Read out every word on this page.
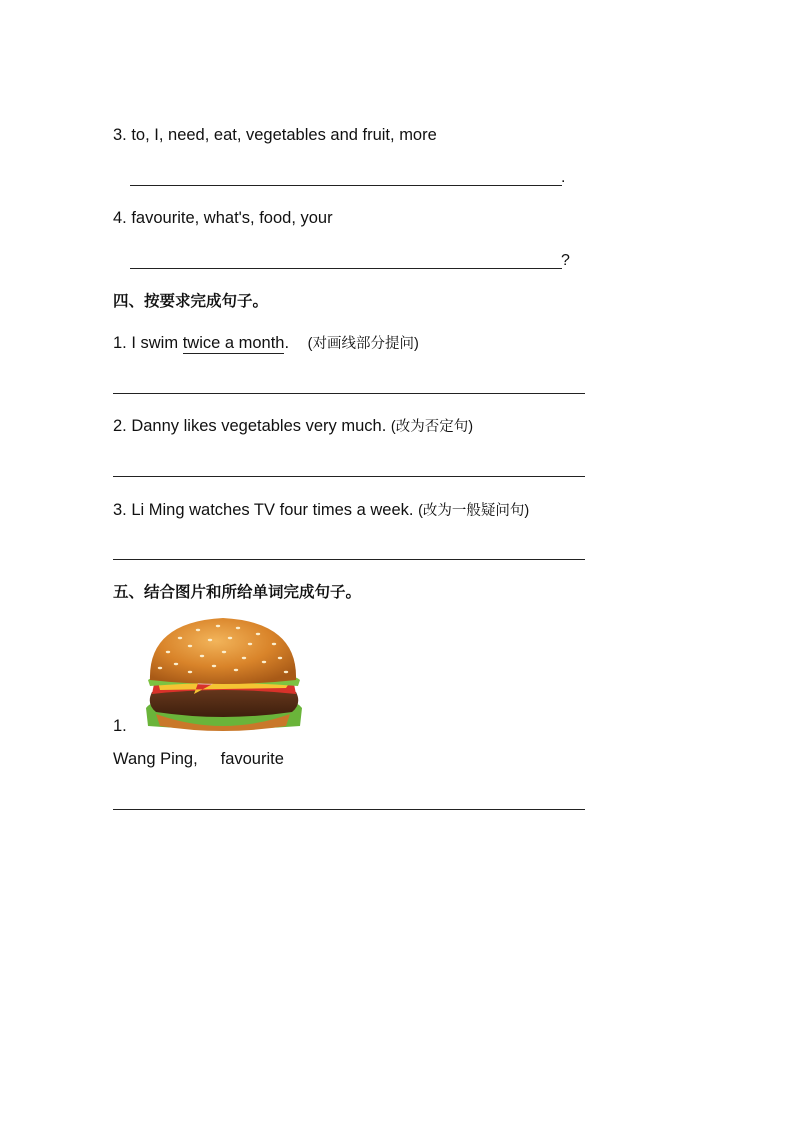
3. to, I, need, eat, vegetables and fruit, more
.
4. favourite, what's, food, your
?
四、按要求完成句子。
1. I swim twice a month. (对画线部分提问)
2. Danny likes vegetables very much. (改为否定句)
3. Li Ming watches TV four times a week. (改为一般疑问句)
五、结合图片和所给单词完成句子。
1.
Wang Ping,     favourite
